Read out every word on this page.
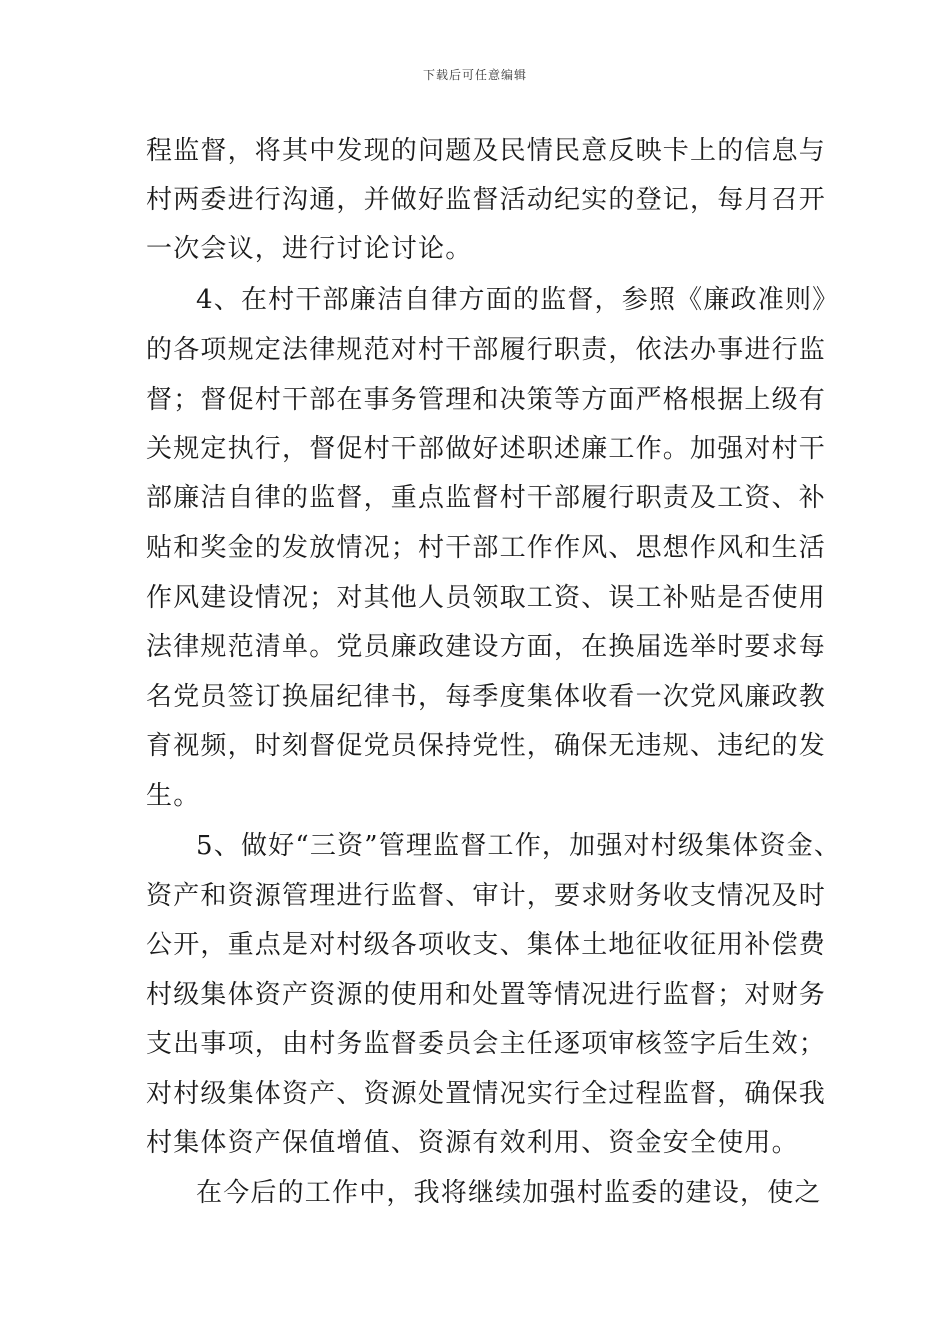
下载后可任意编辑
程监督，将其中发现的问题及民情民意反映卡上的信息与
村两委进行沟通，并做好监督活动纪实的登记，每月召开
一次会议，进行讨论讨论。
4、在村干部廉洁自律方面的监督，参照《廉政准则》
的各项规定法律规范对村干部履行职责，依法办事进行监
督；督促村干部在事务管理和决策等方面严格根据上级有
关规定执行，督促村干部做好述职述廉工作。加强对村干
部廉洁自律的监督，重点监督村干部履行职责及工资、补
贴和奖金的发放情况；村干部工作作风、思想作风和生活
作风建设情况；对其他人员领取工资、误工补贴是否使用
法律规范清单。党员廉政建设方面，在换届选举时要求每
名党员签订换届纪律书，每季度集体收看一次党风廉政教
育视频，时刻督促党员保持党性，确保无违规、违纪的发
生。
5、做好“三资”管理监督工作，加强对村级集体资金、
资产和资源管理进行监督、审计，要求财务收支情况及时
公开，重点是对村级各项收支、集体土地征收征用补偿费
村级集体资产资源的使用和处置等情况进行监督；对财务
支出事项，由村务监督委员会主任逐项审核签字后生效；
对村级集体资产、资源处置情况实行全过程监督，确保我
村集体资产保值增值、资源有效利用、资金安全使用。
在今后的工作中，我将继续加强村监委的建设，使之
